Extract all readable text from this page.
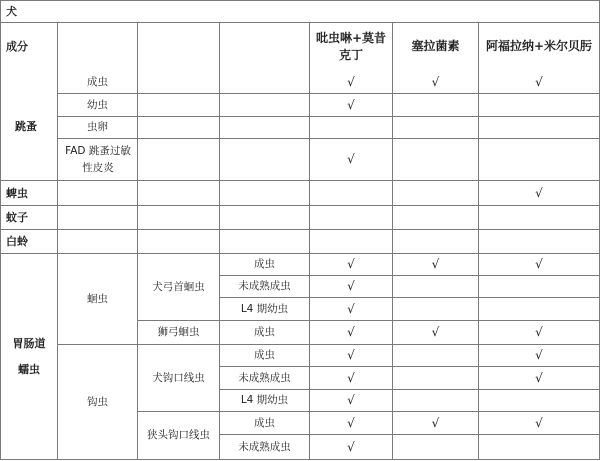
犬
成分
吡虫啉+莫昔克丁
塞拉菌素	阿福拉纳+米尔贝肟
跳蚤
蜱虫
蚊子
白蛉
胃肠道蠕虫
成虫
幼虫
虫卵
FAD 跳蚤过敏性皮炎
蛔虫
钩虫
犬弓首蛔虫
狮弓蛔虫
犬钩口线虫
狭头钩口线虫
成虫
未成熟成虫
L4 期幼虫
成虫
成虫
未成熟成虫
L4 期幼虫
成虫
未成熟成虫
√
√
√
√
√
√
√
√
√
√
√
√
√
√
√
√
√
√
√
√
√
√
√
